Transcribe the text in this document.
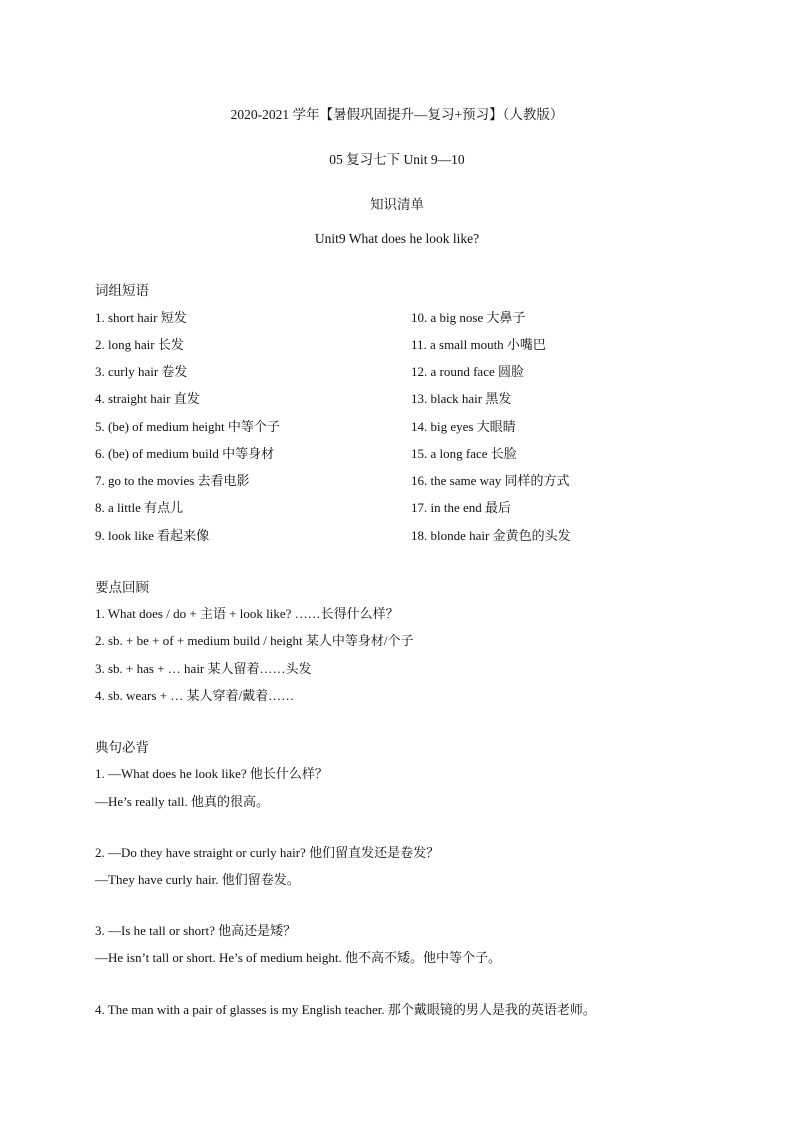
2020-2021 学年【暑假巩固提升—复习+预习】（人教版）
05 复习七下 Unit 9—10
知识清单
Unit9 What does he look like?
词组短语
1. short hair 短发
2. long hair 长发
3. curly hair 卷发
4. straight hair 直发
5. (be) of medium height 中等个子
6. (be) of medium build 中等身材
7. go to the movies 去看电影
8. a little 有点儿
9. look like 看起来像
10. a big nose 大鼻子
11. a small mouth 小嘴巴
12. a round face 圆脸
13. black hair 黑发
14. big eyes 大眼睛
15. a long face 长脸
16. the same way 同样的方式
17. in the end 最后
18. blonde hair 金黄色的头发
要点回顾
1. What does / do + 主语 + look like? ……长得什么样？
2. sb. + be + of + medium build / height 某人中等身材/个子
3. sb. + has + … hair 某人留着……头发
4. sb. wears + … 某人穿着/戴着……
典句必背
1. —What does he look like? 他长什么样？
—He’s really tall. 他真的很高。
2. —Do they have straight or curly hair? 他们留直发还是卷发？
—They have curly hair. 他们留卷发。
3. —Is he tall or short? 他高还是矮？
—He isn’t tall or short. He’s of medium height. 他不高不矮。他中等个子。
4. The man with a pair of glasses is my English teacher. 那个戴眼镜的男人是我的英语老师。
